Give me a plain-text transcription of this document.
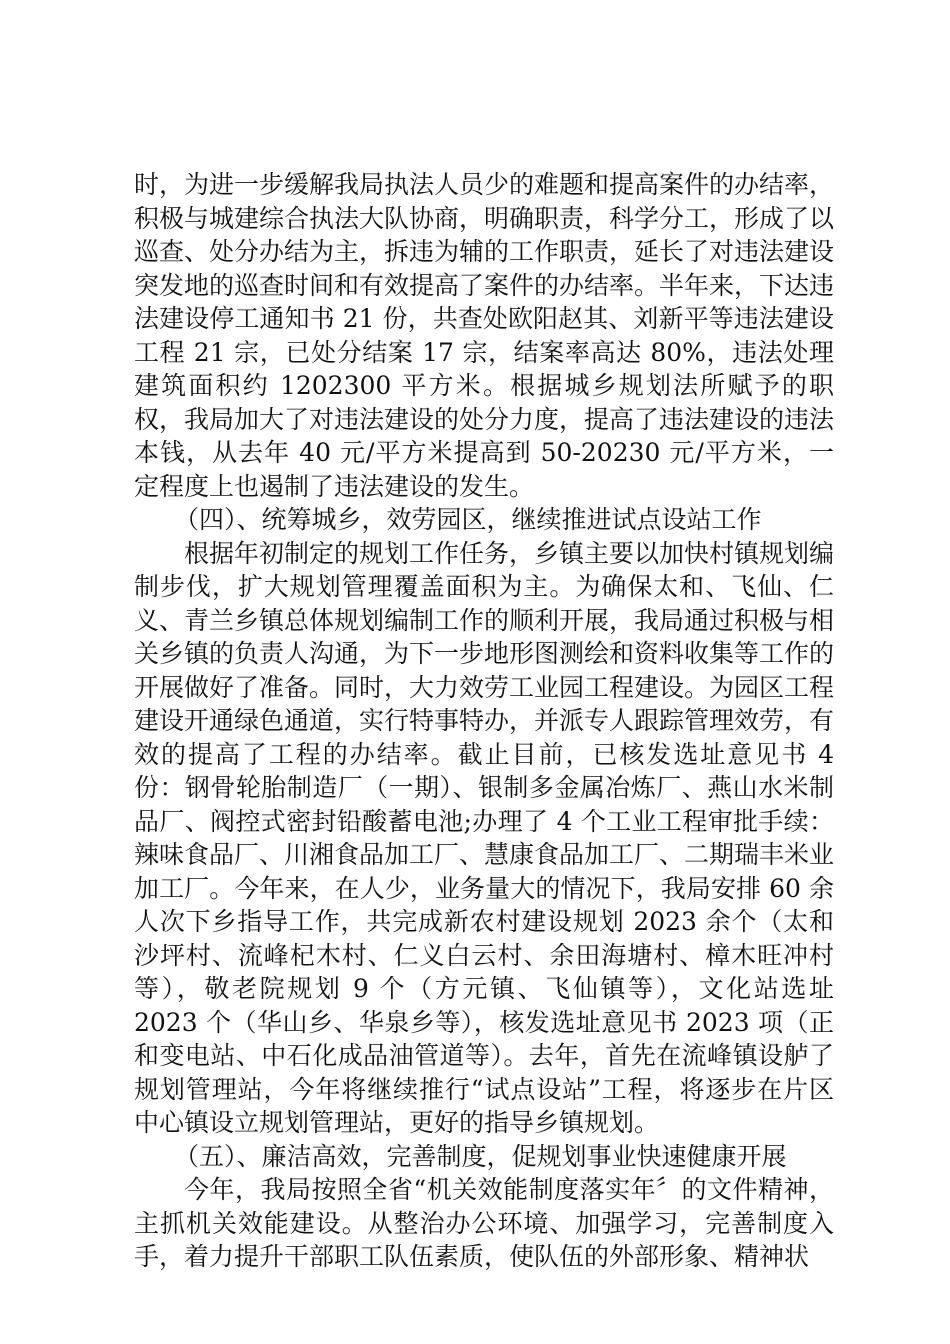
时，为进一步缓解我局执法人员少的难题和提高案件的办结率，积极与城建综合执法大队协商，明确职责，科学分工，形成了以巡查、处分办结为主，拆违为辅的工作职责，延长了对违法建设突发地的巡查时间和有效提高了案件的办结率。半年来，下达违法建设停工通知书 21 份，共查处欧阳赵其、刘新平等违法建设工程 21 宗，已处分结案 17 宗，结案率高达 80%，违法处理建筑面积约 1202300 平方米。根据城乡规划法所赋予的职权，我局加大了对违法建设的处分力度，提高了违法建设的违法本钱，从去年 40 元/平方米提高到 50-20230 元/平方米，一定程度上也遏制了违法建设的发生。

（四）、统筹城乡，效劳园区，继续推进试点设站工作

根据年初制定的规划工作任务，乡镇主要以加快村镇规划编制步伐，扩大规划管理覆盖面积为主。为确保太和、飞仙、仁义、青兰乡镇总体规划编制工作的顺利开展，我局通过积极与相关乡镇的负责人沟通，为下一步地形图测绘和资料收集等工作的开展做好了准备。同时，大力效劳工业园工程建设。为园区工程建设开通绿色通道，实行特事特办，并派专人跟踪管理效劳，有效的提高了工程的办结率。截止目前，已核发选址意见书 4 份：钢骨轮胎制造厂（一期）、银制多金属冶炼厂、燕山水米制品厂、阀控式密封铅酸蓄电池;办理了 4 个工业工程审批手续：辣味食品厂、川湘食品加工厂、慧康食品加工厂、二期瑞丰米业加工厂。今年来，在人少，业务量大的情况下，我局安排 60 余人次下乡指导工作，共完成新农村建设规划 2023 余个（太和沙坪村、流峰杞木村、仁义白云村、余田海塘村、樟木旺冲村等），敬老院规划 9 个（方元镇、飞仙镇等），文化站选址 2023 个（华山乡、华泉乡等），核发选址意见书 2023 项（正和变电站、中石化成品油管道等）。去年，首先在流峰镇设舻了规划管理站，今年将继续推行“试点设站”工程，将逐步在片区中心镇设立规划管理站，更好的指导乡镇规划。

（五）、廉洁高效，完善制度，促规划事业快速健康开展

今年，我局按照全省“机关效能制度落实年〞的文件精神，主抓机关效能建设。从整治办公环境、加强学习，完善制度入手，着力提升干部职工队伍素质，使队伍的外部形象、精神状
